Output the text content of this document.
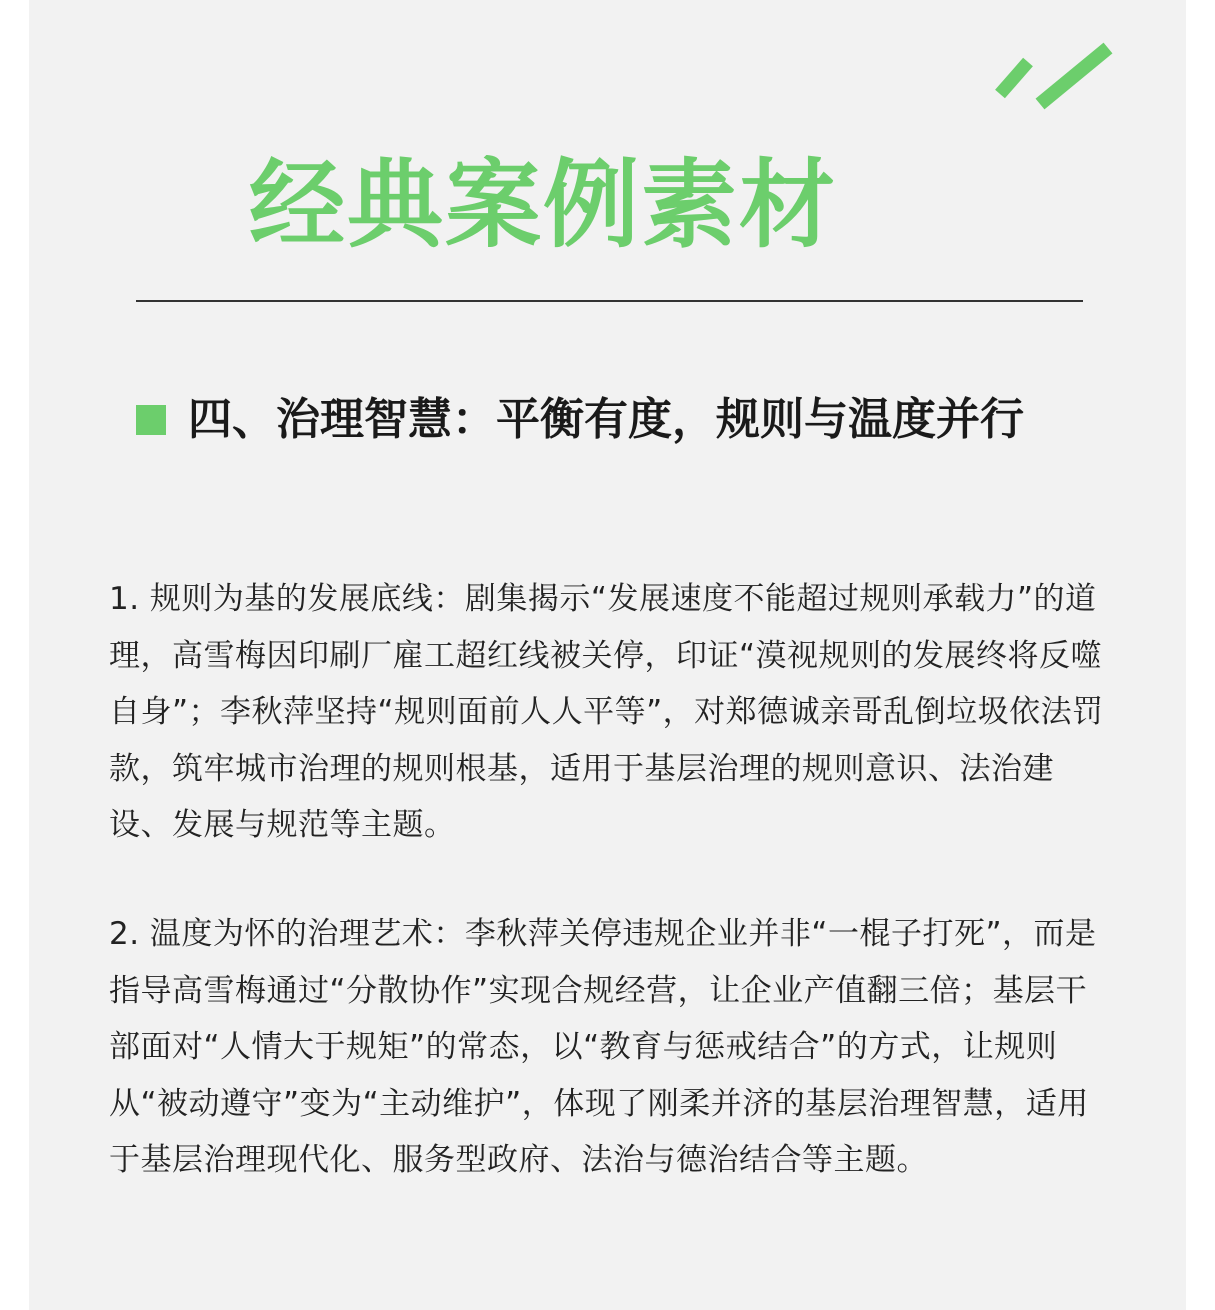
经典案例素材
四、治理智慧：平衡有度，规则与温度并行

1. 规则为基的发展底线：剧集揭示“发展速度不能超过规则承载力”的道理，高雪梅因印刷厂雇工超红线被关停，印证“漠视规则的发展终将反噬自身”；李秋萍坚持“规则面前人人平等”，对郑德诚亲哥乱倒垃圾依法罚款，筑牢城市治理的规则根基，适用于基层治理的规则意识、法治建设、发展与规范等主题。

2. 温度为怀的治理艺术：李秋萍关停违规企业并非“一棍子打死”，而是指导高雪梅通过“分散协作”实现合规经营，让企业产值翻三倍；基层干部面对“人情大于规矩”的常态，以“教育与惩戒结合”的方式，让规则从“被动遵守”变为“主动维护”，体现了刚柔并济的基层治理智慧，适用于基层治理现代化、服务型政府、法治与德治结合等主题。
